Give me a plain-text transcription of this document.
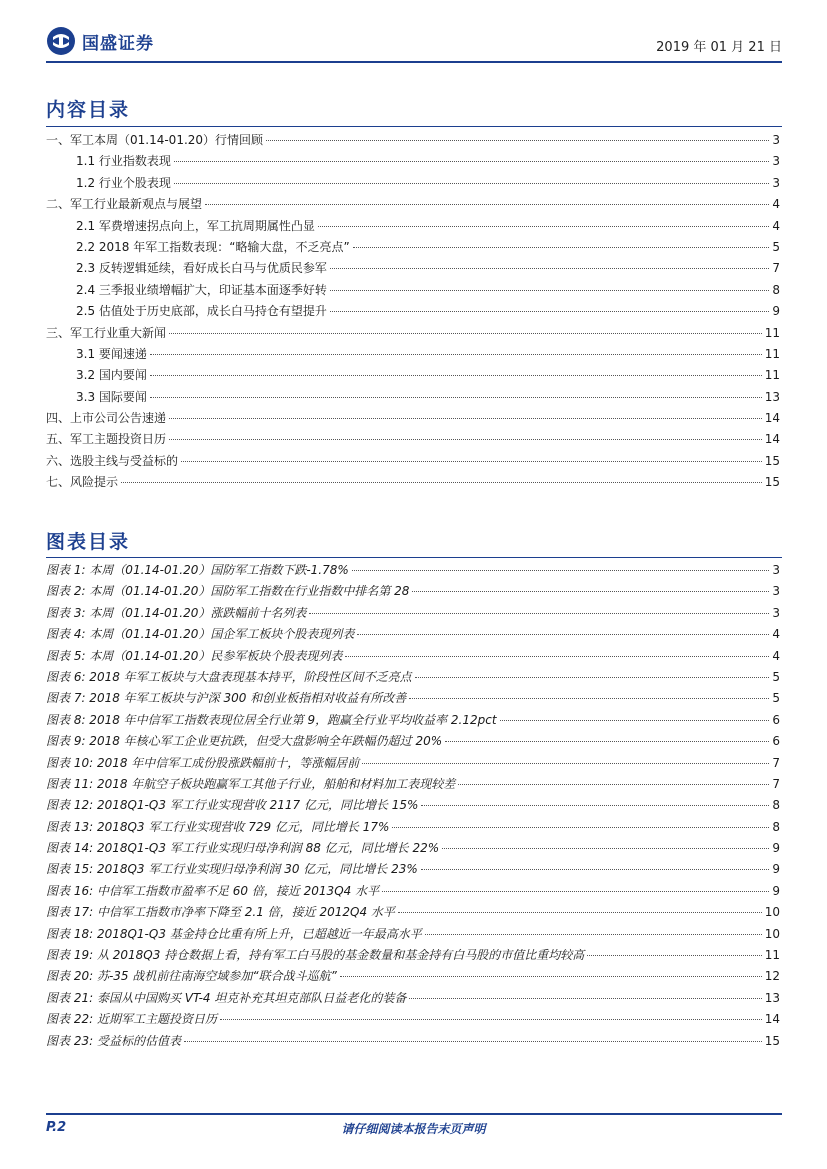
国盛证券	2019 年 01 月 21 日
内容目录
一、军工本周（01.14-01.20）行情回顾	3
1.1 行业指数表现	3
1.2 行业个股表现	3
二、军工行业最新观点与展望	4
2.1 军费增速拐点向上，军工抗周期属性凸显	4
2.2 2018 年军工指数表现：“略输大盘，不乏亮点”	5
2.3 反转逻辑延续，看好成长白马与优质民参军	7
2.4 三季报业绩增幅扩大，印证基本面逐季好转	8
2.5 估值处于历史底部，成长白马持仓有望提升	9
三、军工行业重大新闻	11
3.1 要闻速递	11
3.2 国内要闻	11
3.3 国际要闻	13
四、上市公司公告速递	14
五、军工主题投资日历	14
六、选股主线与受益标的	15
七、风险提示	15
图表目录
图表 1: 本周（01.14-01.20）国防军工指数下跌-1.78%	3
图表 2: 本周（01.14-01.20）国防军工指数在行业指数中排名第 28	3
图表 3: 本周（01.14-01.20）涨跌幅前十名列表	3
图表 4: 本周（01.14-01.20）国企军工板块个股表现列表	4
图表 5: 本周（01.14-01.20）民参军板块个股表现列表	4
图表 6: 2018 年军工板块与大盘表现基本持平，阶段性区间不乏亮点	5
图表 7: 2018 年军工板块与沪深 300 和创业板指相对收益有所改善	5
图表 8: 2018 年中信军工指数表现位居全行业第 9，跑赢全行业平均收益率 2.12pct	6
图表 9: 2018 年核心军工企业更抗跌，但受大盘影响全年跌幅仍超过 20%	6
图表 10: 2018 年中信军工成份股涨跌幅前十，等涨幅居前	7
图表 11: 2018 年航空子板块跑赢军工其他子行业，船舶和材料加工表现较差	7
图表 12: 2018Q1-Q3 军工行业实现营收 2117 亿元，同比增长 15%	8
图表 13: 2018Q3 军工行业实现营收 729 亿元，同比增长 17%	8
图表 14: 2018Q1-Q3 军工行业实现归母净利润 88 亿元，同比增长 22%	9
图表 15: 2018Q3 军工行业实现归母净利润 30 亿元，同比增长 23%	9
图表 16: 中信军工指数市盈率不足 60 倍，接近 2013Q4 水平	9
图表 17: 中信军工指数市净率下降至 2.1 倍，接近 2012Q4 水平	10
图表 18: 2018Q1-Q3 基金持仓比重有所上升，已超越近一年最高水平	10
图表 19: 从 2018Q3 持仓数据上看，持有军工白马股的基金数量和基金持有白马股的市值比重均较高	11
图表 20: 苏-35 战机前往南海空域参加“联合战斗巡航”	12
图表 21: 泰国从中国购买 VT-4 坦克补充其坦克部队日益老化的装备	13
图表 22: 近期军工主题投资日历	14
图表 23: 受益标的估值表	15
P.2	请仔细阅读本报告末页声明
